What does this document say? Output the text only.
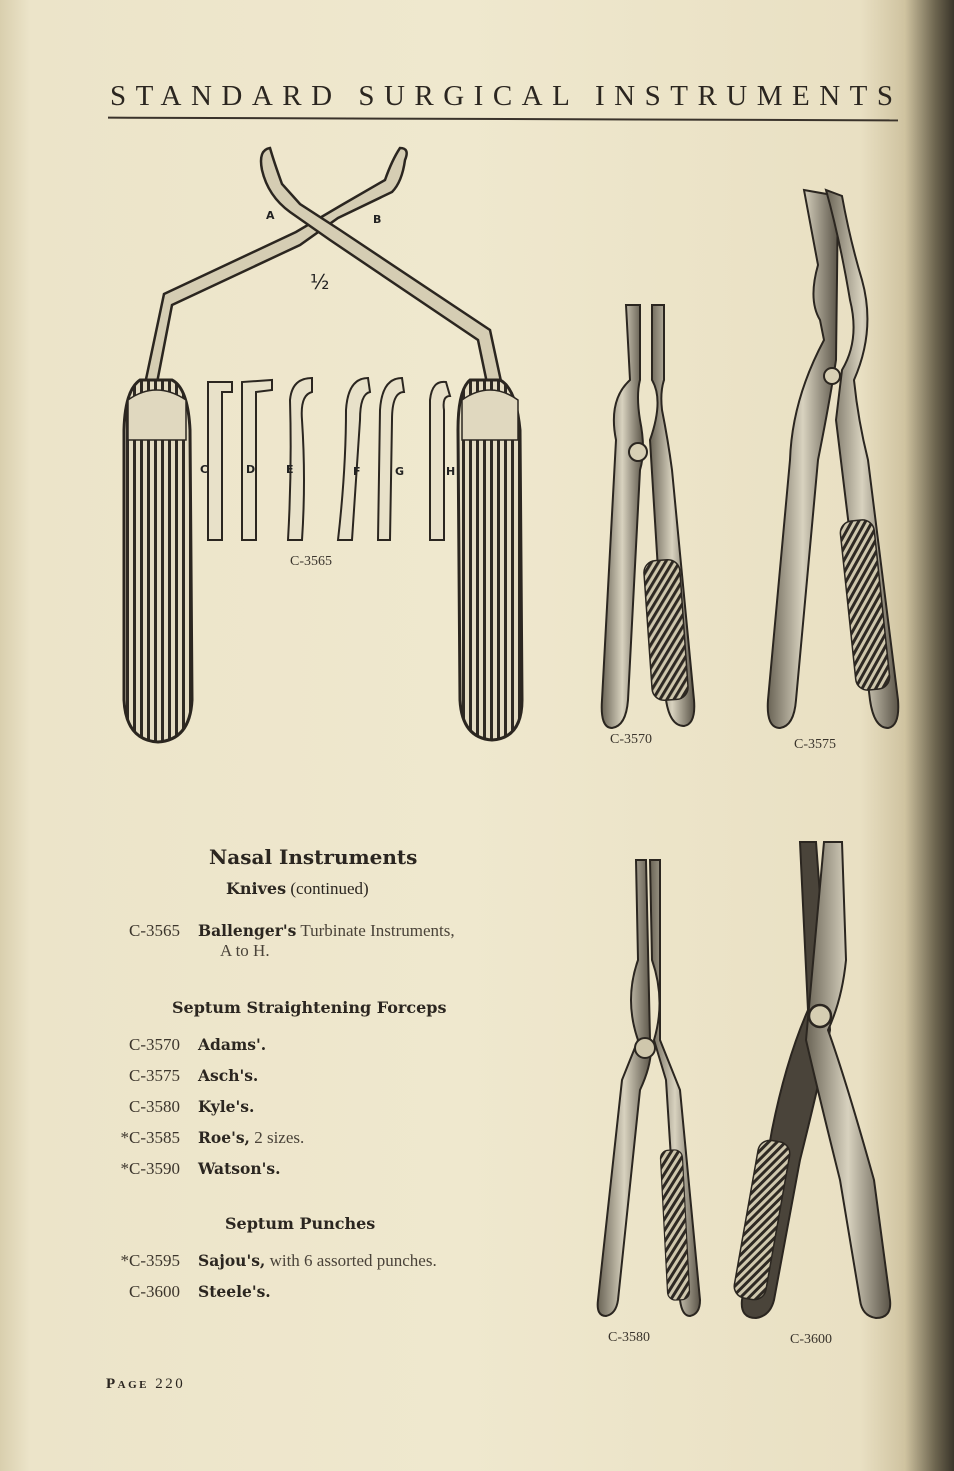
STANDARD SURGICAL INSTRUMENTS
A	B
½
C	D	E	F	G	H
C-3565
C-3570	C-3575
C-3580	C-3600
Nasal Instruments
Knives (continued)
C-3565 Ballenger's Turbinate Instruments,
A to H.
Septum Straightening Forceps
C-3570 Adams'.
C-3575 Asch's.
C-3580 Kyle's.
*C-3585 Roe's, 2 sizes.
*C-3590 Watson's.
Septum Punches
*C-3595 Sajou's, with 6 assorted punches.
C-3600 Steele's.
PAGE 220
